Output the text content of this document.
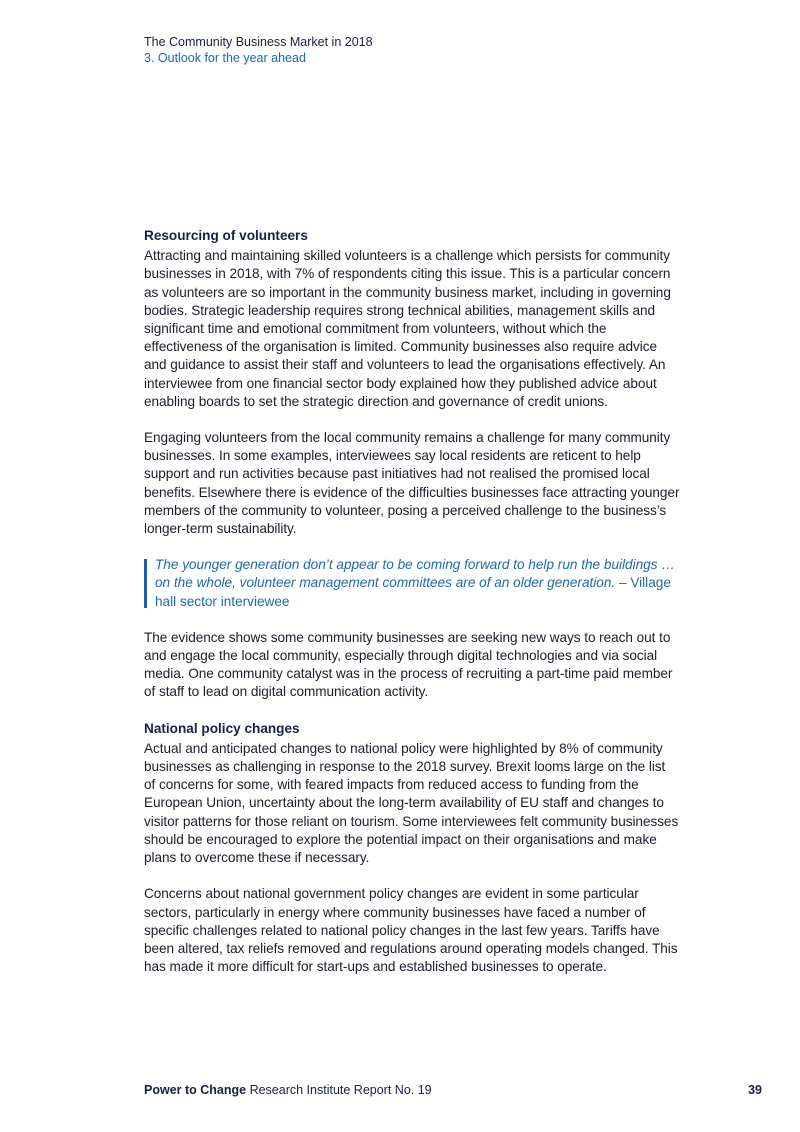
The Community Business Market in 2018
3. Outlook for the year ahead
Resourcing of volunteers

Attracting and maintaining skilled volunteers is a challenge which persists for community businesses in 2018, with 7% of respondents citing this issue. This is a particular concern as volunteers are so important in the community business market, including in governing bodies. Strategic leadership requires strong technical abilities, management skills and significant time and emotional commitment from volunteers, without which the effectiveness of the organisation is limited. Community businesses also require advice and guidance to assist their staff and volunteers to lead the organisations effectively. An interviewee from one financial sector body explained how they published advice about enabling boards to set the strategic direction and governance of credit unions.

Engaging volunteers from the local community remains a challenge for many community businesses. In some examples, interviewees say local residents are reticent to help support and run activities because past initiatives had not realised the promised local benefits. Elsewhere there is evidence of the difficulties businesses face attracting younger members of the community to volunteer, posing a perceived challenge to the business’s longer-term sustainability.

The younger generation don’t appear to be coming forward to help run the buildings … on the whole, volunteer management committees are of an older generation. – Village hall sector interviewee

The evidence shows some community businesses are seeking new ways to reach out to and engage the local community, especially through digital technologies and via social media. One community catalyst was in the process of recruiting a part-time paid member of staff to lead on digital communication activity.

National policy changes

Actual and anticipated changes to national policy were highlighted by 8% of community businesses as challenging in response to the 2018 survey. Brexit looms large on the list of concerns for some, with feared impacts from reduced access to funding from the European Union, uncertainty about the long-term availability of EU staff and changes to visitor patterns for those reliant on tourism. Some interviewees felt community businesses should be encouraged to explore the potential impact on their organisations and make plans to overcome these if necessary.

Concerns about national government policy changes are evident in some particular sectors, particularly in energy where community businesses have faced a number of specific challenges related to national policy changes in the last few years. Tariffs have been altered, tax reliefs removed and regulations around operating models changed. This has made it more difficult for start-ups and established businesses to operate.

Power to Change Research Institute Report No. 19	39
